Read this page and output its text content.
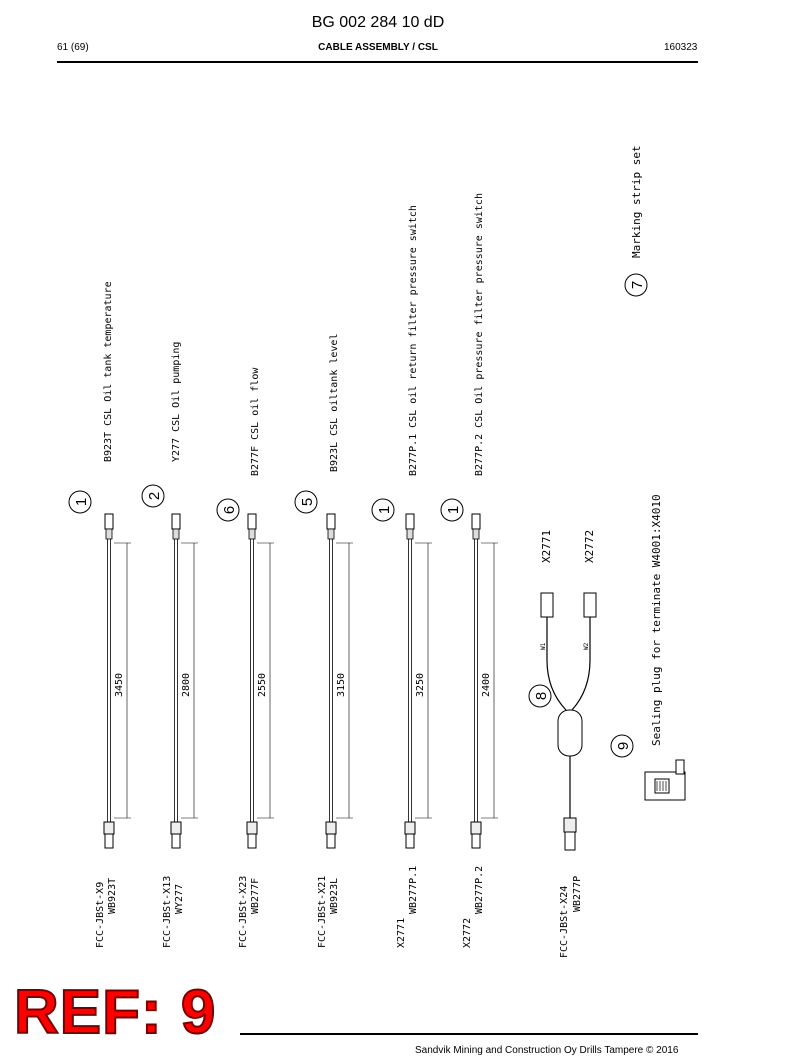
BG 002 284 10 dD
61 (69)	CABLE ASSEMBLY / CSL	160323
3450
B923T CSL Oil tank temperature
FCC-JBSt-X9 WB923T
1
2800
Y277 CSL Oil pumping
FCC-JBSt-X13 WY277
2
2550
B277F CSL oil flow
FCC-JBSt-X23 WB277F
6
3150
B923L CSL oiltank level
FCC-JBSt-X21 WB923L
5
3250
B277P.1 CSL oil return filter pressure switch
X2771
WB277P.1
1
2400
B277P.2 CSL Oil pressure filter pressure switch
X2772
WB277P.2
1
X2771	X2772
W1	W2
FCC-JBSt-X24 WB277P
8	Sealing plug for terminate W4001:X4010
9
Marking strip set
7
REF: 9
Sandvik Mining and Construction Oy Drills Tampere © 2016
